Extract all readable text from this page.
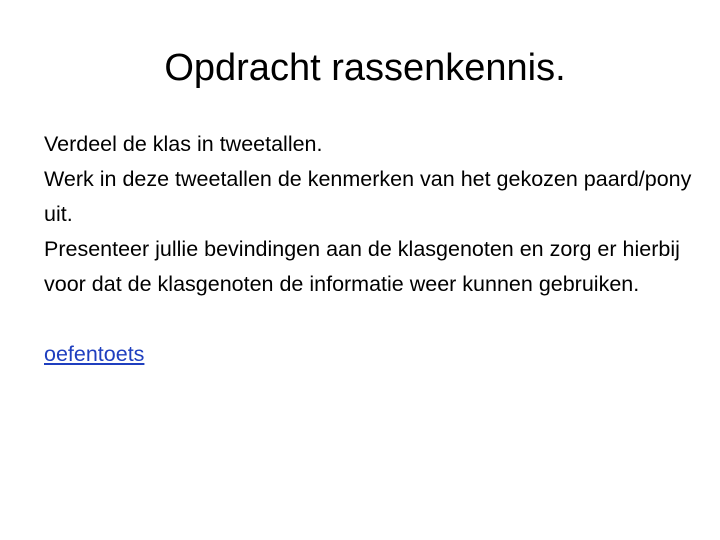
Opdracht rassenkennis.

Verdeel de klas in tweetallen.

Werk in deze tweetallen de kenmerken van het gekozen paard/pony uit.

Presenteer jullie bevindingen aan de klasgenoten en zorg er hierbij voor dat de klasgenoten de informatie weer kunnen gebruiken.

oefentoets
